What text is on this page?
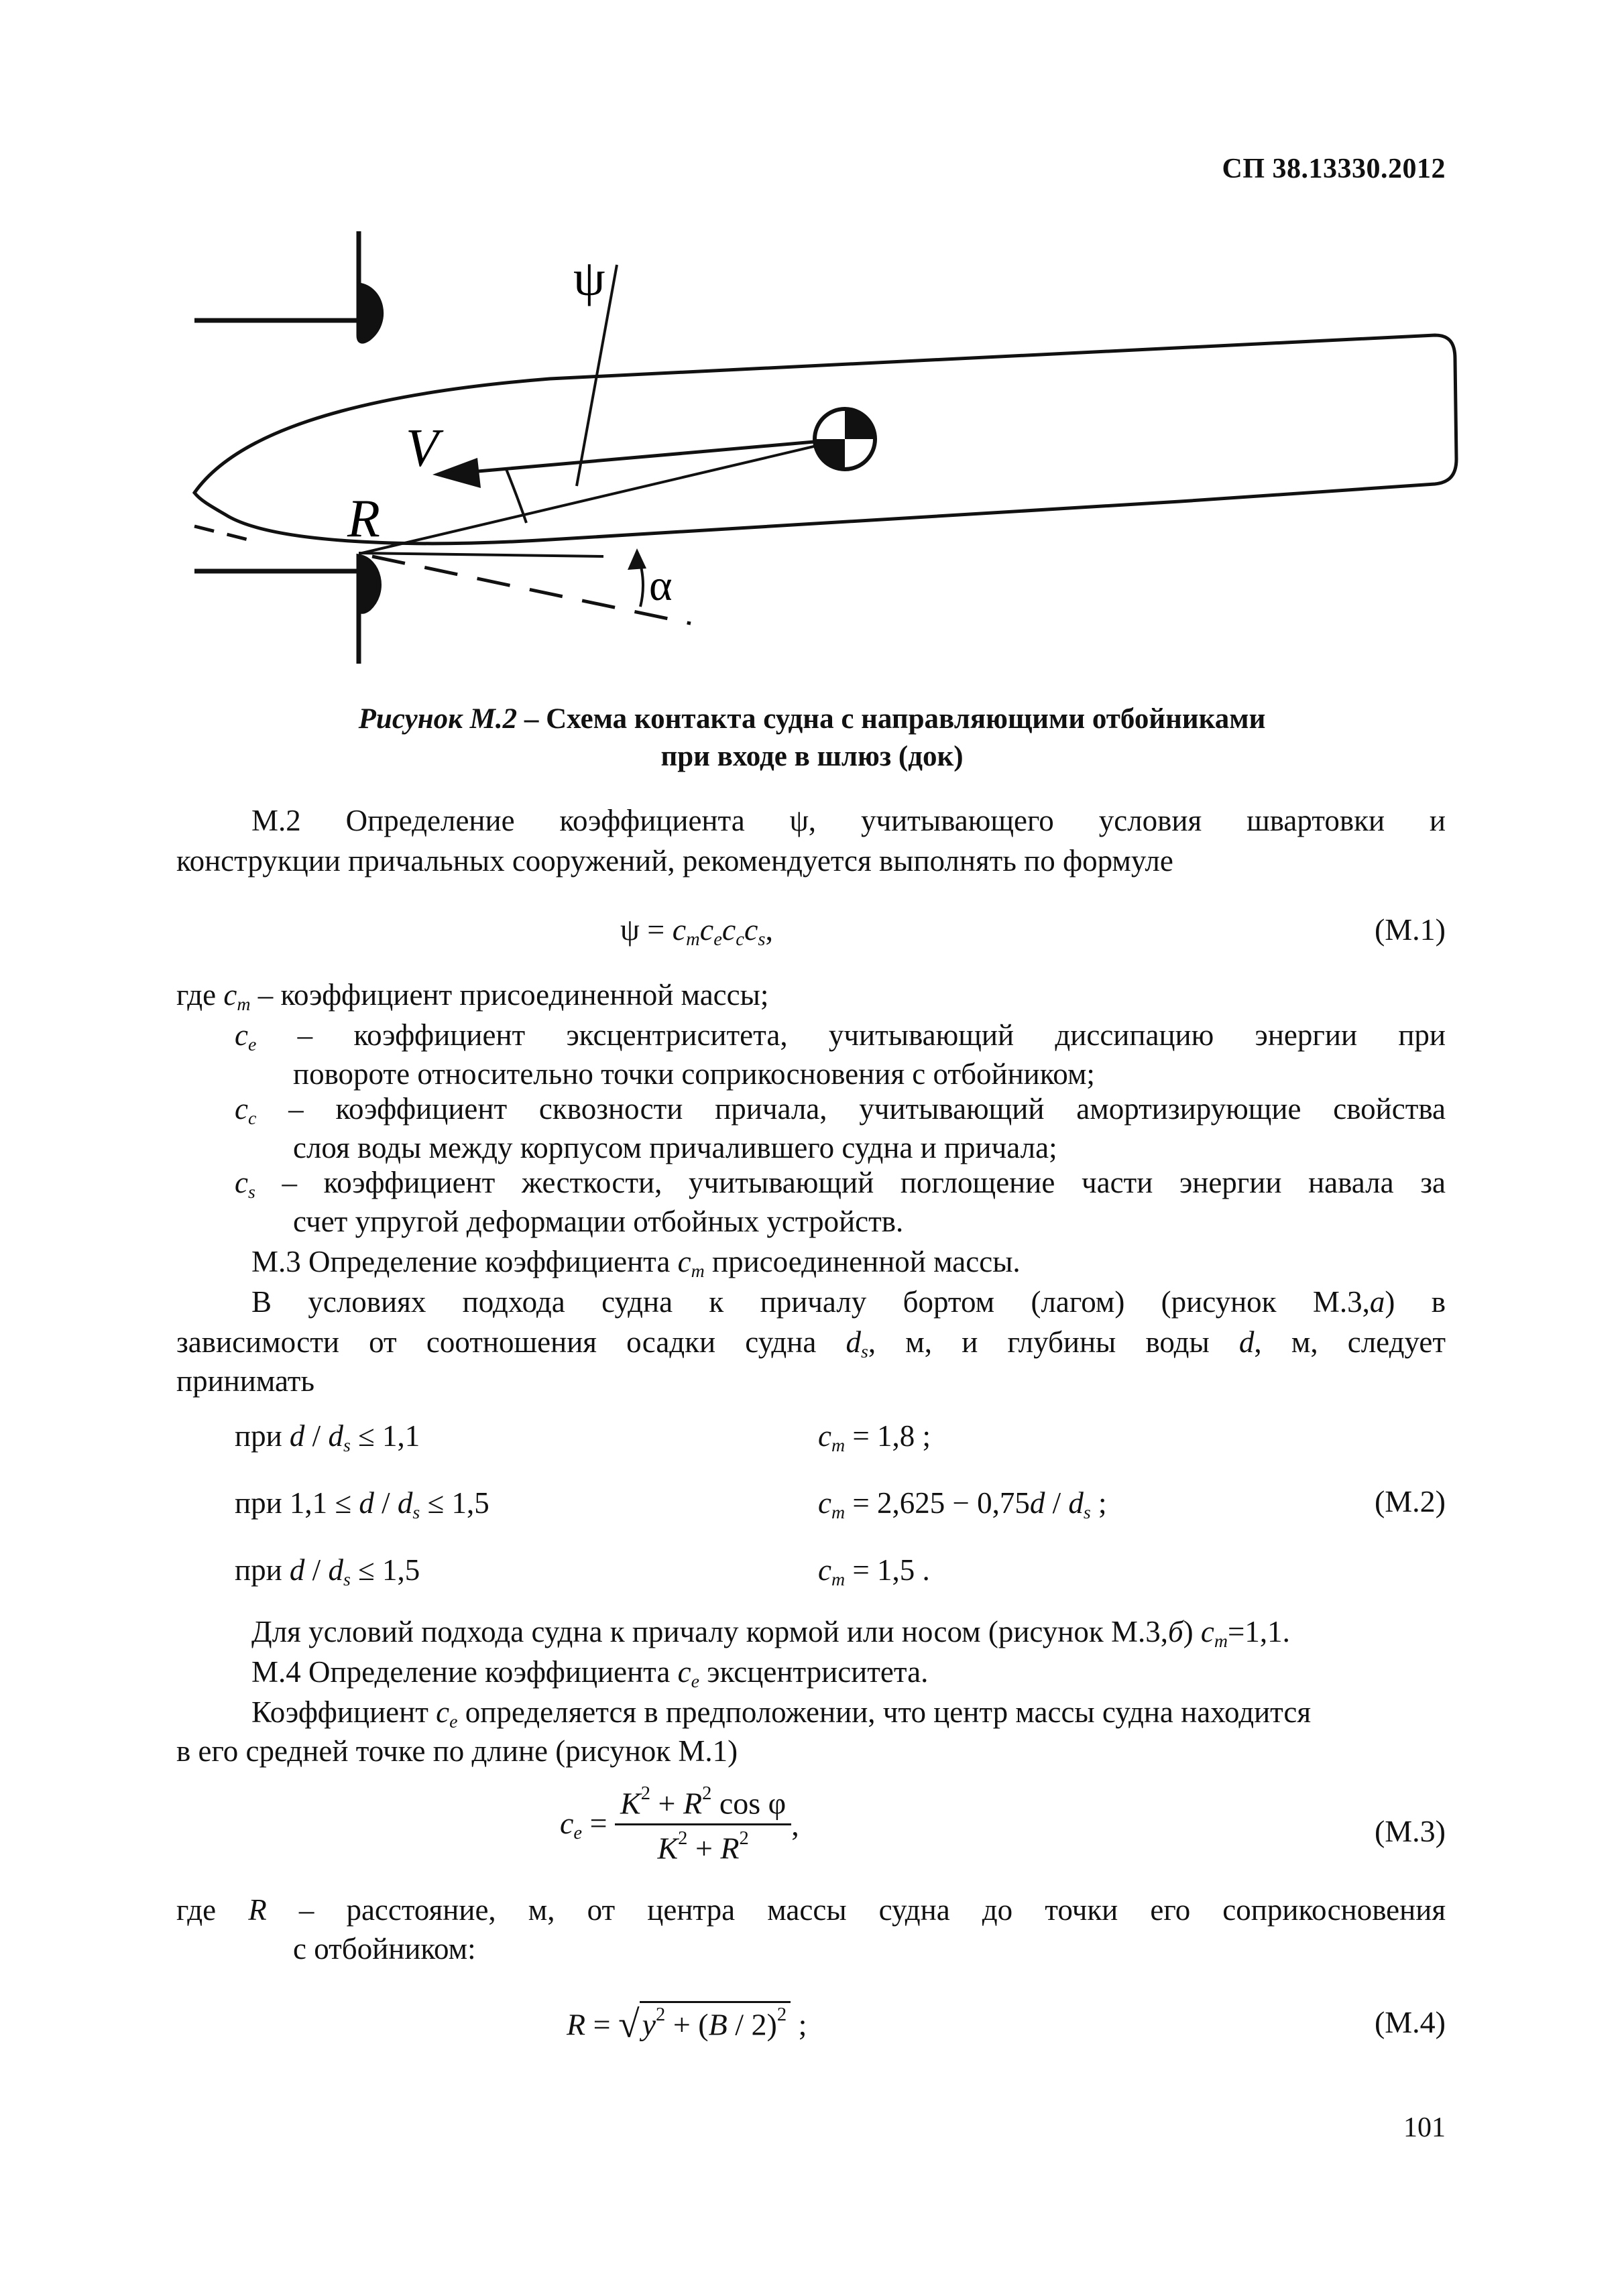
СП 38.13330.2012
ψ
V
R
α
Рисунок М.2 – Схема контакта судна с направляющими отбойниками
при входе в шлюз (док)
М.2 Определение коэффициента ψ, учитывающего условия швартовки и
конструкции причальных сооружений, рекомендуется выполнять по формуле
$\psi = c_mc_ec_cc_s$,	(М.1)
где $c_m$ – коэффициент присоединенной массы;
$c_e$ – коэффициент эксцентриситета, учитывающий диссипацию энергии при
повороте относительно точки соприкосновения с отбойником;
$c_c$ – коэффициент сквозности причала, учитывающий амортизирующие свойства
слоя воды между корпусом причалившего судна и причала;
$c_s$ – коэффициент жесткости, учитывающий поглощение части энергии навала за
счет упругой деформации отбойных устройств.
М.3 Определение коэффициента $c_m$ присоединенной массы.
В условиях подхода судна к причалу бортом (лагом) (рисунок М.3,а) в
зависимости от соотношения осадки судна $d_s$, м, и глубины воды d, м, следует
принимать
при $d / d_s \le 1,1$	$c_m = 1,8$ ;
при $1,1 \le d / d_s \le 1,5$	$c_m = 2,625 - 0,75d / d_s$ ;	(М.2)
при $d / d_s \le 1,5$	$c_m = 1,5$ .
Для условий подхода судна к причалу кормой или носом (рисунок М.3,б) $c_m=1,1$.
М.4 Определение коэффициента $c_e$ эксцентриситета.
Коэффициент $c_e$ определяется в предположении, что центр массы судна находится
в его средней точке по длине (рисунок М.1)
$c_e = \frac{K^2 + R^2 \cos \varphi}{K^2 + R^2}$ ,	(М.3)
где R – расстояние, м, от центра массы судна до точки его соприкосновения
с отбойником:
$R = √y^2 + (B / 2)^2$ ;	(М.4)
101
